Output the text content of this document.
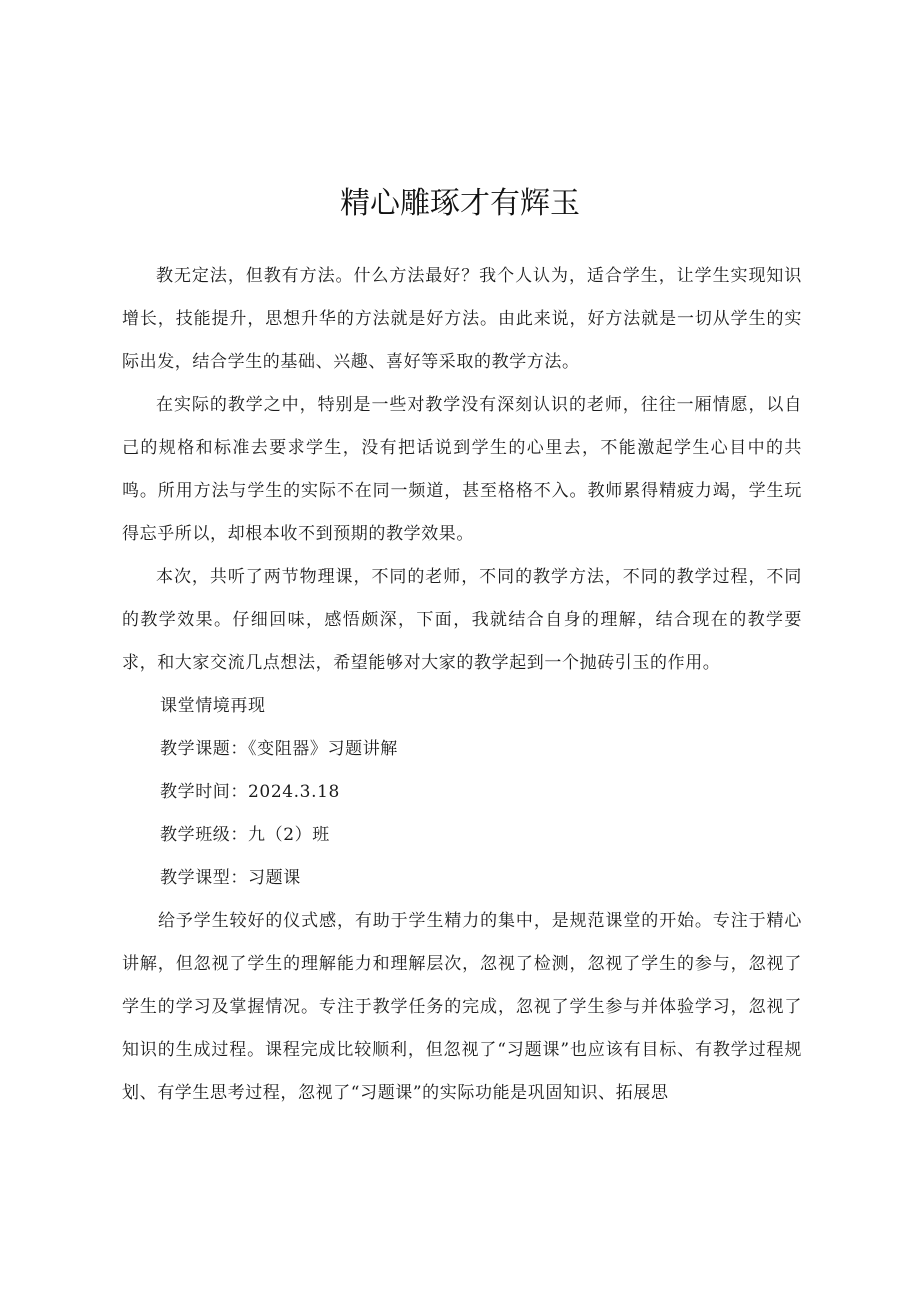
精心雕琢才有辉玉

教无定法，但教有方法。什么方法最好？我个人认为，适合学生，让学生实现知识增长，技能提升，思想升华的方法就是好方法。由此来说，好方法就是一切从学生的实际出发，结合学生的基础、兴趣、喜好等采取的教学方法。

在实际的教学之中，特别是一些对教学没有深刻认识的老师，往往一厢情愿，以自己的规格和标准去要求学生，没有把话说到学生的心里去，不能激起学生心目中的共鸣。所用方法与学生的实际不在同一频道，甚至格格不入。教师累得精疲力竭，学生玩得忘乎所以，却根本收不到预期的教学效果。

本次，共听了两节物理课，不同的老师，不同的教学方法，不同的教学过程，不同的教学效果。仔细回味，感悟颇深，下面，我就结合自身的理解，结合现在的教学要求，和大家交流几点想法，希望能够对大家的教学起到一个抛砖引玉的作用。

课堂情境再现

教学课题：《变阻器》习题讲解

教学时间：2024.3.18

教学班级：九（2）班

教学课型：习题课

给予学生较好的仪式感，有助于学生精力的集中，是规范课堂的开始。专注于精心讲解，但忽视了学生的理解能力和理解层次，忽视了检测，忽视了学生的参与，忽视了学生的学习及掌握情况。专注于教学任务的完成，忽视了学生参与并体验学习，忽视了知识的生成过程。课程完成比较顺利，但忽视了“习题课”也应该有目标、有教学过程规划、有学生思考过程，忽视了“习题课”的实际功能是巩固知识、拓展思
